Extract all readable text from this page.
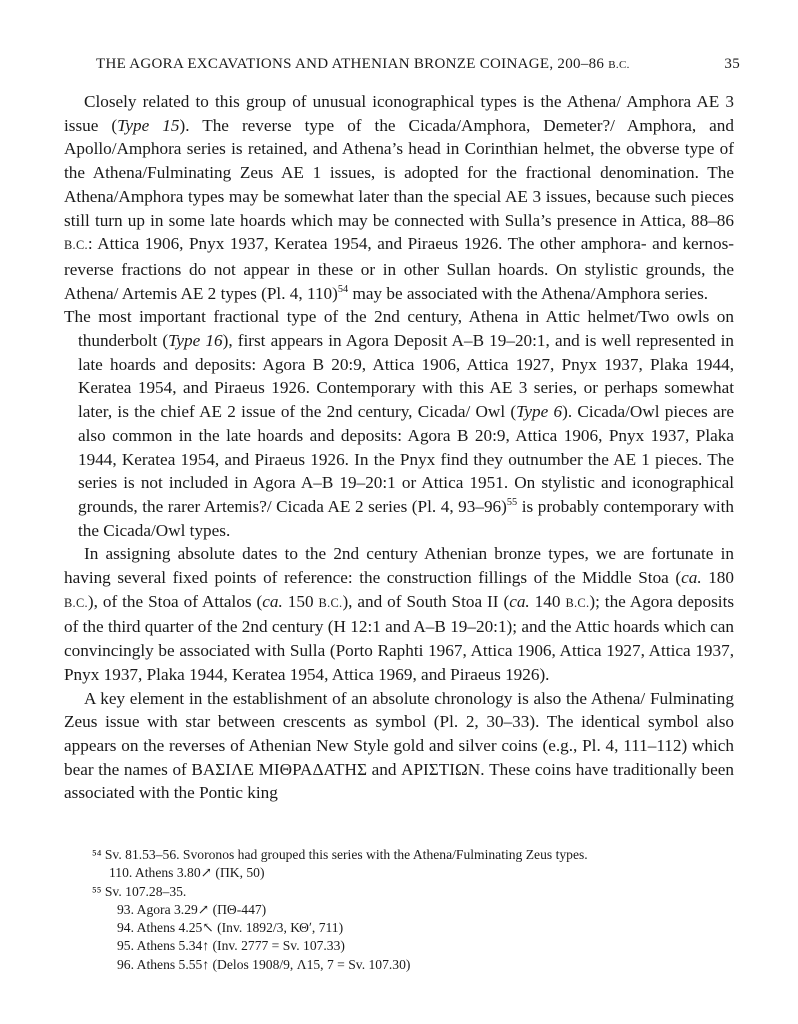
THE AGORA EXCAVATIONS AND ATHENIAN BRONZE COINAGE, 200–86 B.C.	35

Closely related to this group of unusual iconographical types is the Athena/ Amphora AE 3 issue (Type 15). The reverse type of the Cicada/Amphora, Demeter?/ Amphora, and Apollo/Amphora series is retained, and Athena’s head in Corinthian helmet, the obverse type of the Athena/Fulminating Zeus AE 1 issues, is adopted for the fractional denomination. The Athena/Amphora types may be somewhat later than the special AE 3 issues, because such pieces still turn up in some late hoards which may be connected with Sulla’s presence in Attica, 88–86 B.C.: Attica 1906, Pnyx 1937, Keratea 1954, and Piraeus 1926. The other amphora- and kernos-reverse fractions do not appear in these or in other Sullan hoards. On stylistic grounds, the Athena/ Artemis AE 2 types (Pl. 4, 110)$^{54}$ may be associated with the Athena/Amphora series.

The most important fractional type of the 2nd century, Athena in Attic helmet/Two owls on thunderbolt (Type 16), first appears in Agora Deposit A–B 19–20:1, and is well represented in late hoards and deposits: Agora B 20:9, Attica 1906, Attica 1927, Pnyx 1937, Plaka 1944, Keratea 1954, and Piraeus 1926. Contemporary with this AE 3 series, or perhaps somewhat later, is the chief AE 2 issue of the 2nd century, Cicada/ Owl (Type 6). Cicada/Owl pieces are also common in the late hoards and deposits: Agora B 20:9, Attica 1906, Pnyx 1937, Plaka 1944, Keratea 1954, and Piraeus 1926. In the Pnyx find they outnumber the AE 1 pieces. The series is not included in Agora A–B 19–20:1 or Attica 1951. On stylistic and iconographical grounds, the rarer Artemis?/ Cicada AE 2 series (Pl. 4, 93–96)$^{55}$ is probably contemporary with the Cicada/Owl types.

In assigning absolute dates to the 2nd century Athenian bronze types, we are fortunate in having several fixed points of reference: the construction fillings of the Middle Stoa (ca. 180 B.C.), of the Stoa of Attalos (ca. 150 B.C.), and of South Stoa II (ca. 140 B.C.); the Agora deposits of the third quarter of the 2nd century (H 12:1 and A–B 19–20:1); and the Attic hoards which can convincingly be associated with Sulla (Porto Raphti 1967, Attica 1906, Attica 1927, Attica 1937, Pnyx 1937, Plaka 1944, Keratea 1954, Attica 1969, and Piraeus 1926).

A key element in the establishment of an absolute chronology is also the Athena/ Fulminating Zeus issue with star between crescents as symbol (Pl. 2, 30–33). The identical symbol also appears on the reverses of Athenian New Style gold and silver coins (e.g., Pl. 4, 111–112) which bear the names of ΒΑΣΙΛΕ ΜΙΘΡΑΔΑΤΗΣ and ΑΡΙΣΤΙΩΝ. These coins have traditionally been associated with the Pontic king

⁵⁴ Sv. 81.53–56. Svoronos had grouped this series with the Athena/Fulminating Zeus types.
110. Athens 3.80↗ (ΠΚ, 50)
⁵⁵ Sv. 107.28–35.
93. Agora 3.29↗ (ΠΘ-447)
94. Athens 4.25↖ (Inv. 1892/3, ΚΘʹ, 711)
95. Athens 5.34↑ (Inv. 2777 = Sv. 107.33)
96. Athens 5.55↑ (Delos 1908/9, Λ15, 7 = Sv. 107.30)
